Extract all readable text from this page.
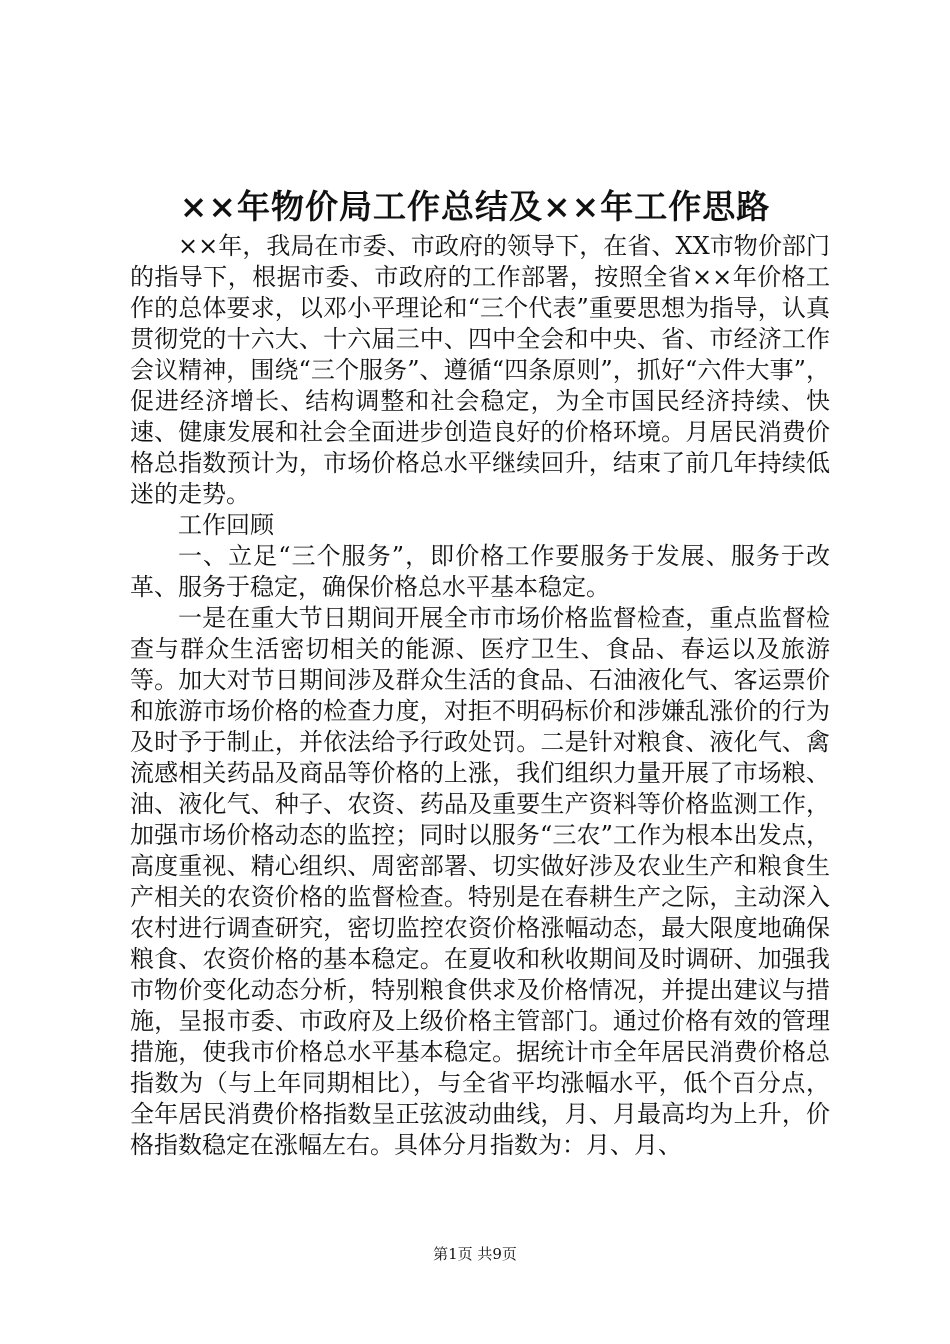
××年物价局工作总结及××年工作思路

××年，我局在市委、市政府的领导下，在省、XX市物价部门的指导下，根据市委、市政府的工作部署，按照全省××年价格工作的总体要求，以邓小平理论和“三个代表”重要思想为指导，认真贯彻党的十六大、十六届三中、四中全会和中央、省、市经济工作会议精神，围绕“三个服务”、遵循“四条原则”，抓好“六件大事”，促进经济增长、结构调整和社会稳定，为全市国民经济持续、快速、健康发展和社会全面进步创造良好的价格环境。月居民消费价格总指数预计为，市场价格总水平继续回升，结束了前几年持续低迷的走势。

工作回顾

一、立足“三个服务”，即价格工作要服务于发展、服务于改革、服务于稳定，确保价格总水平基本稳定。

一是在重大节日期间开展全市市场价格监督检查，重点监督检查与群众生活密切相关的能源、医疗卫生、食品、春运以及旅游等。加大对节日期间涉及群众生活的食品、石油液化气、客运票价和旅游市场价格的检查力度，对拒不明码标价和涉嫌乱涨价的行为及时予于制止，并依法给予行政处罚。二是针对粮食、液化气、禽流感相关药品及商品等价格的上涨，我们组织力量开展了市场粮、油、液化气、种子、农资、药品及重要生产资料等价格监测工作，加强市场价格动态的监控；同时以服务“三农”工作为根本出发点，高度重视、精心组织、周密部署、切实做好涉及农业生产和粮食生产相关的农资价格的监督检查。特别是在春耕生产之际，主动深入农村进行调查研究，密切监控农资价格涨幅动态，最大限度地确保粮食、农资价格的基本稳定。在夏收和秋收期间及时调研、加强我市物价变化动态分析，特别粮食供求及价格情况，并提出建议与措施，呈报市委、市政府及上级价格主管部门。通过价格有效的管理措施，使我市价格总水平基本稳定。据统计市全年居民消费价格总指数为（与上年同期相比），与全省平均涨幅水平，低个百分点，全年居民消费价格指数呈正弦波动曲线，月、月最高均为上升，价格指数稳定在涨幅左右。具体分月指数为：月、月、

第1页 共9页
